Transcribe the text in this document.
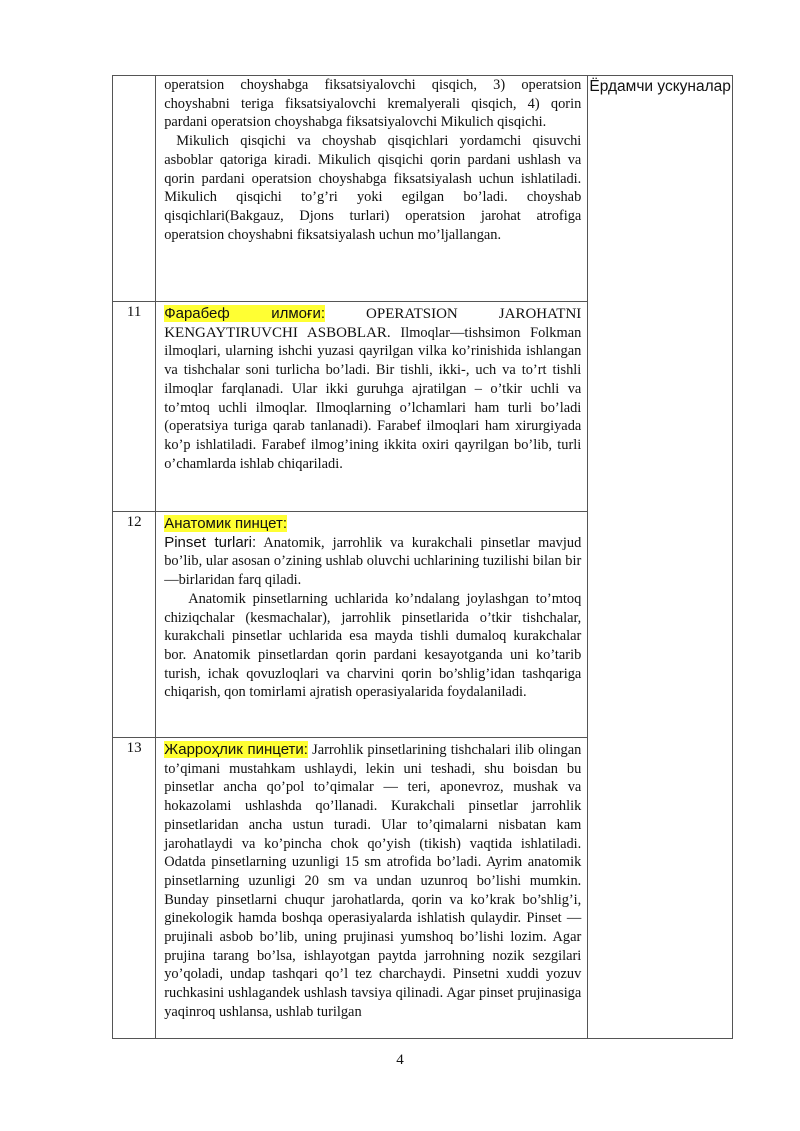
	operatsion choyshabga fiksatsiyalovchi qisqich, 3) operatsion choyshabni teriga fiksatsiyalovchi kremalyerali qisqich, 4) qorin pardani operatsion choyshabga fiksatsiyalovchi Mikulich qisqichi.

Mikulich qisqichi va choyshab qisqichlari yordamchi qisuvchi asboblar qatoriga kiradi. Mikulich qisqichi qorin pardani ushlash va qorin pardani operatsion choyshabga fiksatsiyalash uchun ishlatiladi. Mikulich qisqichi to’g’ri yoki egilgan bo’ladi. choyshab qisqichlari(Bakgauz, Djons turlari) operatsion jarohat atrofiga operatsion choyshabni fiksatsiyalash uchun mo’ljallangan.	Ёрдамчи ускуналар

11	Фарабеф илмоғи: OPERATSION JAROHATNI KENGAYTIRUVCHI ASBOBLAR. Ilmoqlar—tishsimon Folkman ilmoqlari, ularning ishchi yuzasi qayrilgan vilka ko’rinishida ishlangan va tishchalar soni turlicha bo’ladi. Bir tishli, ikki-, uch va to’rt tishli ilmoqlar farqlanadi. Ular ikki guruhga ajratilgan – o’tkir uchli va to’mtoq uchli ilmoqlar. Ilmoqlarning o’lchamlari ham turli bo’ladi (operatsiya turiga qarab tanlanadi). Farabef ilmoqlari ham xirurgiyada ko’p ishlatiladi. Farabef ilmog’ining ikkita oxiri qayrilgan bo’lib, turli o’chamlarda ishlab chiqariladi.	

12	Анатомик пинцет:

Pinset turlari: Anatomik, jarrohlik va kurakchali pinsetlar mavjud bo’lib, ular asosan o’zining ushlab oluvchi uchlarining tuzilishi bilan bir—birlaridan farq qiladi.

Anatomik pinsetlarning uchlarida ko’ndalang joylashgan to’mtoq chiziqchalar (kesmachalar), jarrohlik pinsetlarida o’tkir tishchalar, kurakchali pinsetlar uchlarida esa mayda tishli dumaloq kurakchalar bor. Anatomik pinsetlardan qorin pardani kesayotganda uni ko’tarib turish, ichak qovuzloqlari va charvini qorin bo’shlig’idan tashqariga chiqarish, qon tomirlami ajratish operasiyalarida foydalaniladi.	

13	Жарроҳлик пинцети: Jarrohlik pinsetlarining tishchalari ilib olingan to’qimani mustahkam ushlaydi, lekin uni teshadi, shu boisdan bu pinsetlar ancha qo’pol to’qimalar — teri, aponevroz, mushak va hokazolami ushlashda qo’llanadi. Kurakchali pinsetlar jarrohlik pinsetlaridan ancha ustun turadi. Ular to’qimalarni nisbatan kam jarohatlaydi va ko’pincha chok qo’yish (tikish) vaqtida ishlatiladi. Odatda pinsetlarning uzunligi 15 sm atrofida bo’ladi. Ayrim anatomik pinsetlarning uzunligi 20 sm va undan uzunroq bo’lishi mumkin. Bunday pinsetlarni chuqur jarohatlarda, qorin va ko’krak bo’shlig’i, ginekologik hamda boshqa operasiyalarda ishlatish qulaydir. Pinset — prujinali asbob bo’lib, uning prujinasi yumshoq bo’lishi lozim. Agar prujina tarang bo’lsa, ishlayotgan paytda jarrohning nozik sezgilari yo’qoladi, undap tashqari qo’l tez charchaydi. Pinsetni xuddi yozuv ruchkasini ushlagandek ushlash tavsiya qilinadi. Agar pinset prujinasiga yaqinroq ushlansa, ushlab turilgan	

4
